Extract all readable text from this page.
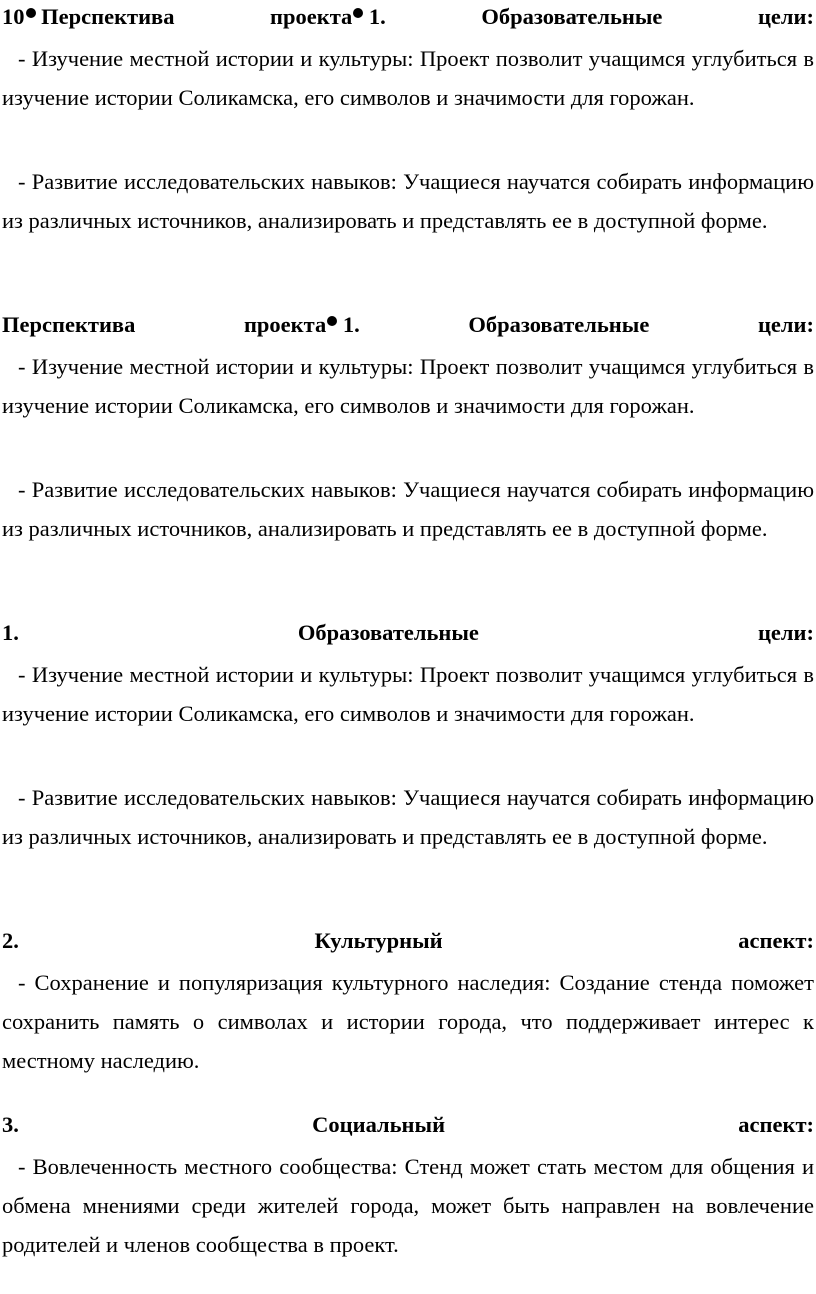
10 Перспектива	проекта 1.	Образовательные	цели:
- Изучение местной истории и культуры: Проект позволит учащимся углубиться в изучение истории Соликамска, его символов и значимости для горожан.
- Развитие исследовательских навыков: Учащиеся научатся собирать информацию из различных источников, анализировать и представлять ее в доступной форме.
Перспектива	проекта 1.	Образовательные	цели:
- Изучение местной истории и культуры: Проект позволит учащимся углубиться в изучение истории Соликамска, его символов и значимости для горожан.
- Развитие исследовательских навыков: Учащиеся научатся собирать информацию из различных источников, анализировать и представлять ее в доступной форме.
1.	Образовательные	цели:
- Изучение местной истории и культуры: Проект позволит учащимся углубиться в изучение истории Соликамска, его символов и значимости для горожан.
- Развитие исследовательских навыков: Учащиеся научатся собирать информацию из различных источников, анализировать и представлять ее в доступной форме.
2.	Культурный	аспект:
- Сохранение и популяризация культурного наследия: Создание стенда поможет сохранить память о символах и истории города, что поддерживает интерес к местному наследию.
3.	Социальный	аспект:
- Вовлеченность местного сообщества: Стенд может стать местом для общения и обмена мнениями среди жителей города, может быть направлен на вовлечение родителей и членов сообщества в проект.
